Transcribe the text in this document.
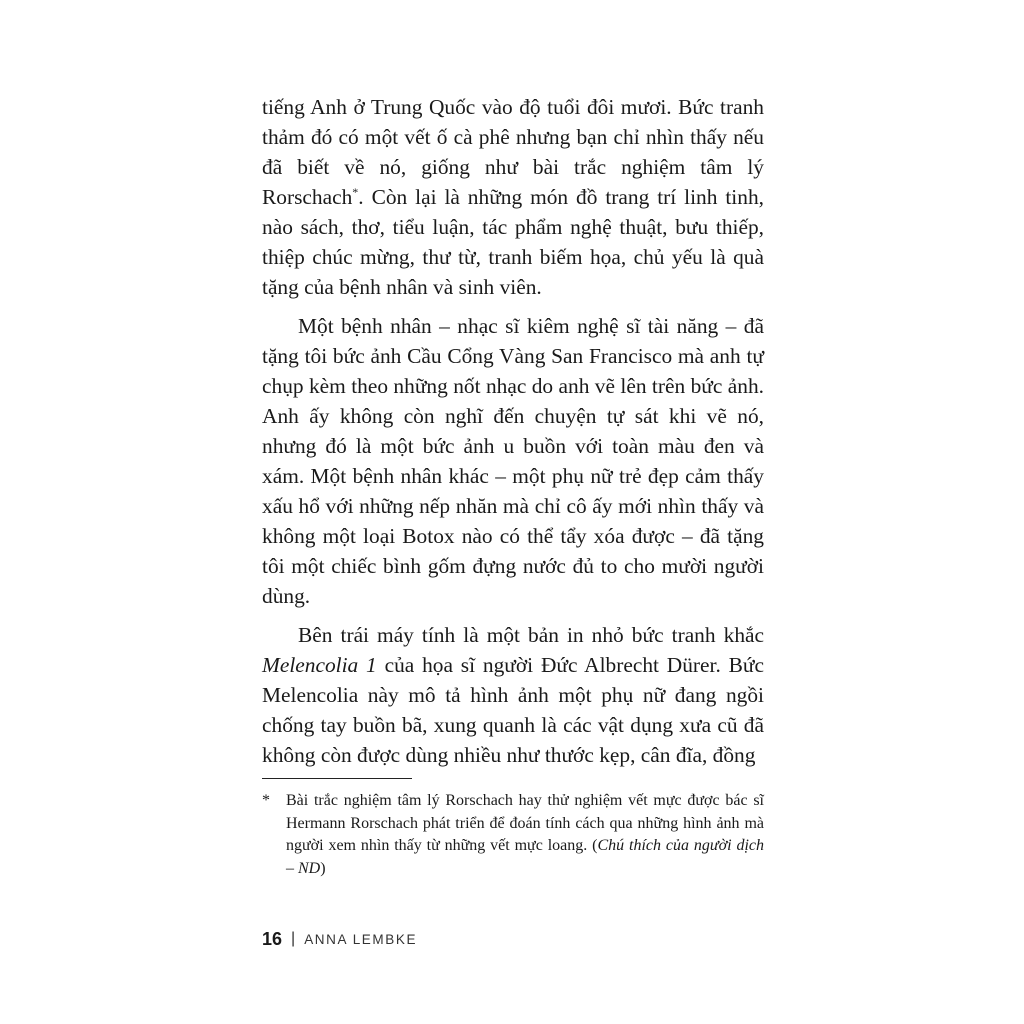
tiếng Anh ở Trung Quốc vào độ tuổi đôi mươi. Bức tranh thảm đó có một vết ố cà phê nhưng bạn chỉ nhìn thấy nếu đã biết về nó, giống như bài trắc nghiệm tâm lý Rorschach*. Còn lại là những món đồ trang trí linh tinh, nào sách, thơ, tiểu luận, tác phẩm nghệ thuật, bưu thiếp, thiệp chúc mừng, thư từ, tranh biếm họa, chủ yếu là quà tặng của bệnh nhân và sinh viên.

Một bệnh nhân – nhạc sĩ kiêm nghệ sĩ tài năng – đã tặng tôi bức ảnh Cầu Cổng Vàng San Francisco mà anh tự chụp kèm theo những nốt nhạc do anh vẽ lên trên bức ảnh. Anh ấy không còn nghĩ đến chuyện tự sát khi vẽ nó, nhưng đó là một bức ảnh u buồn với toàn màu đen và xám. Một bệnh nhân khác – một phụ nữ trẻ đẹp cảm thấy xấu hổ với những nếp nhăn mà chỉ cô ấy mới nhìn thấy và không một loại Botox nào có thể tẩy xóa được – đã tặng tôi một chiếc bình gốm đựng nước đủ to cho mười người dùng.

Bên trái máy tính là một bản in nhỏ bức tranh khắc Melencolia 1 của họa sĩ người Đức Albrecht Dürer. Bức Melencolia này mô tả hình ảnh một phụ nữ đang ngồi chống tay buồn bã, xung quanh là các vật dụng xưa cũ đã không còn được dùng nhiều như thước kẹp, cân đĩa, đồng

*	Bài trắc nghiệm tâm lý Rorschach hay thử nghiệm vết mực được bác sĩ Hermann Rorschach phát triển để đoán tính cách qua những hình ảnh mà người xem nhìn thấy từ những vết mực loang. (Chú thích của người dịch – ND)
16 | ANNA LEMBKE
